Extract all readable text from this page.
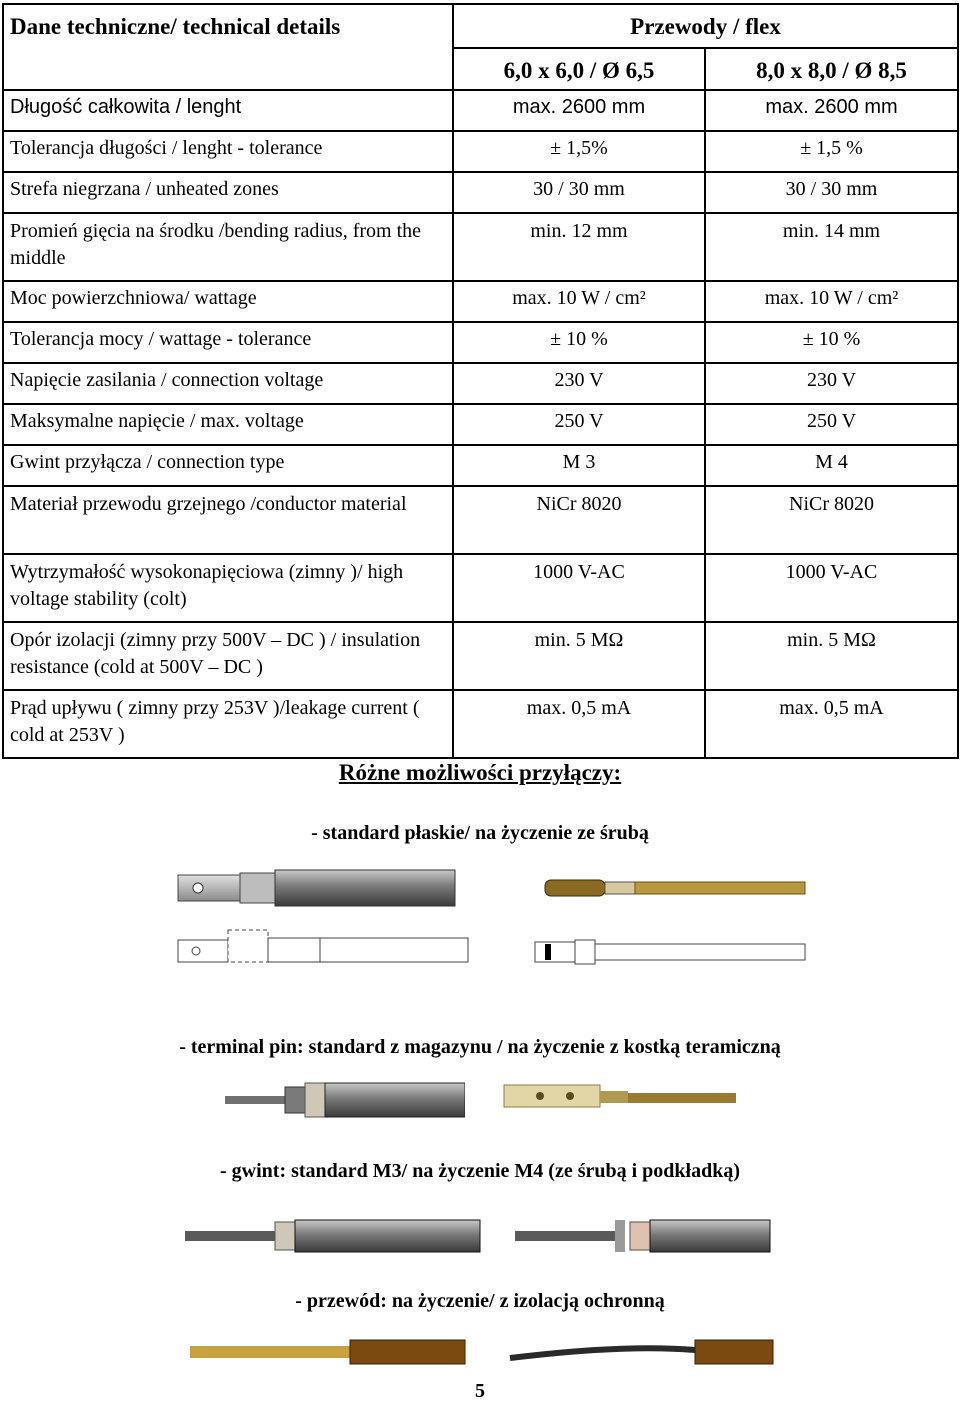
Dane techniczne/ technical details	Przewody / flex	
	6,0 x 6,0 / Ø 6,5	8,0 x 8,0 / Ø 8,5
Długość całkowita / lenght	max. 2600 mm	max. 2600 mm
Tolerancja długości / lenght - tolerance	± 1,5%	± 1,5 %
Strefa niegrzana / unheated zones	30 / 30 mm	30 / 30 mm
Promień gięcia na środku /bending radius, from the middle	min. 12 mm	min. 14 mm
Moc powierzchniowa/ wattage	max. 10 W / cm²	max. 10 W / cm²
Tolerancja mocy / wattage - tolerance	± 10 %	± 10 %
Napięcie zasilania / connection voltage	230 V	230 V
Maksymalne napięcie / max. voltage	250 V	250 V
Gwint przyłącza / connection type	M 3	M 4
Materiał przewodu grzejnego /conductor material	NiCr 8020	NiCr 8020
Wytrzymałość wysokonapięciowa (zimny )/ high voltage stability (colt)	1000 V-AC	1000 V-AC
Opór izolacji (zimny przy 500V – DC ) / insulation resistance (cold at 500V – DC )	min. 5 MΩ	min. 5 MΩ
Prąd upływu ( zimny przy 253V )/leakage current ( cold at 253V )	max. 0,5 mA	max. 0,5 mA
Różne możliwości przyłączy:
- standard płaskie/ na życzenie ze śrubą
- terminal pin: standard z magazynu / na życzenie z kostką teramiczną
- gwint: standard M3/ na życzenie M4 (ze śrubą i podkładką)
- przewód: na życzenie/ z izolacją ochronną
5
